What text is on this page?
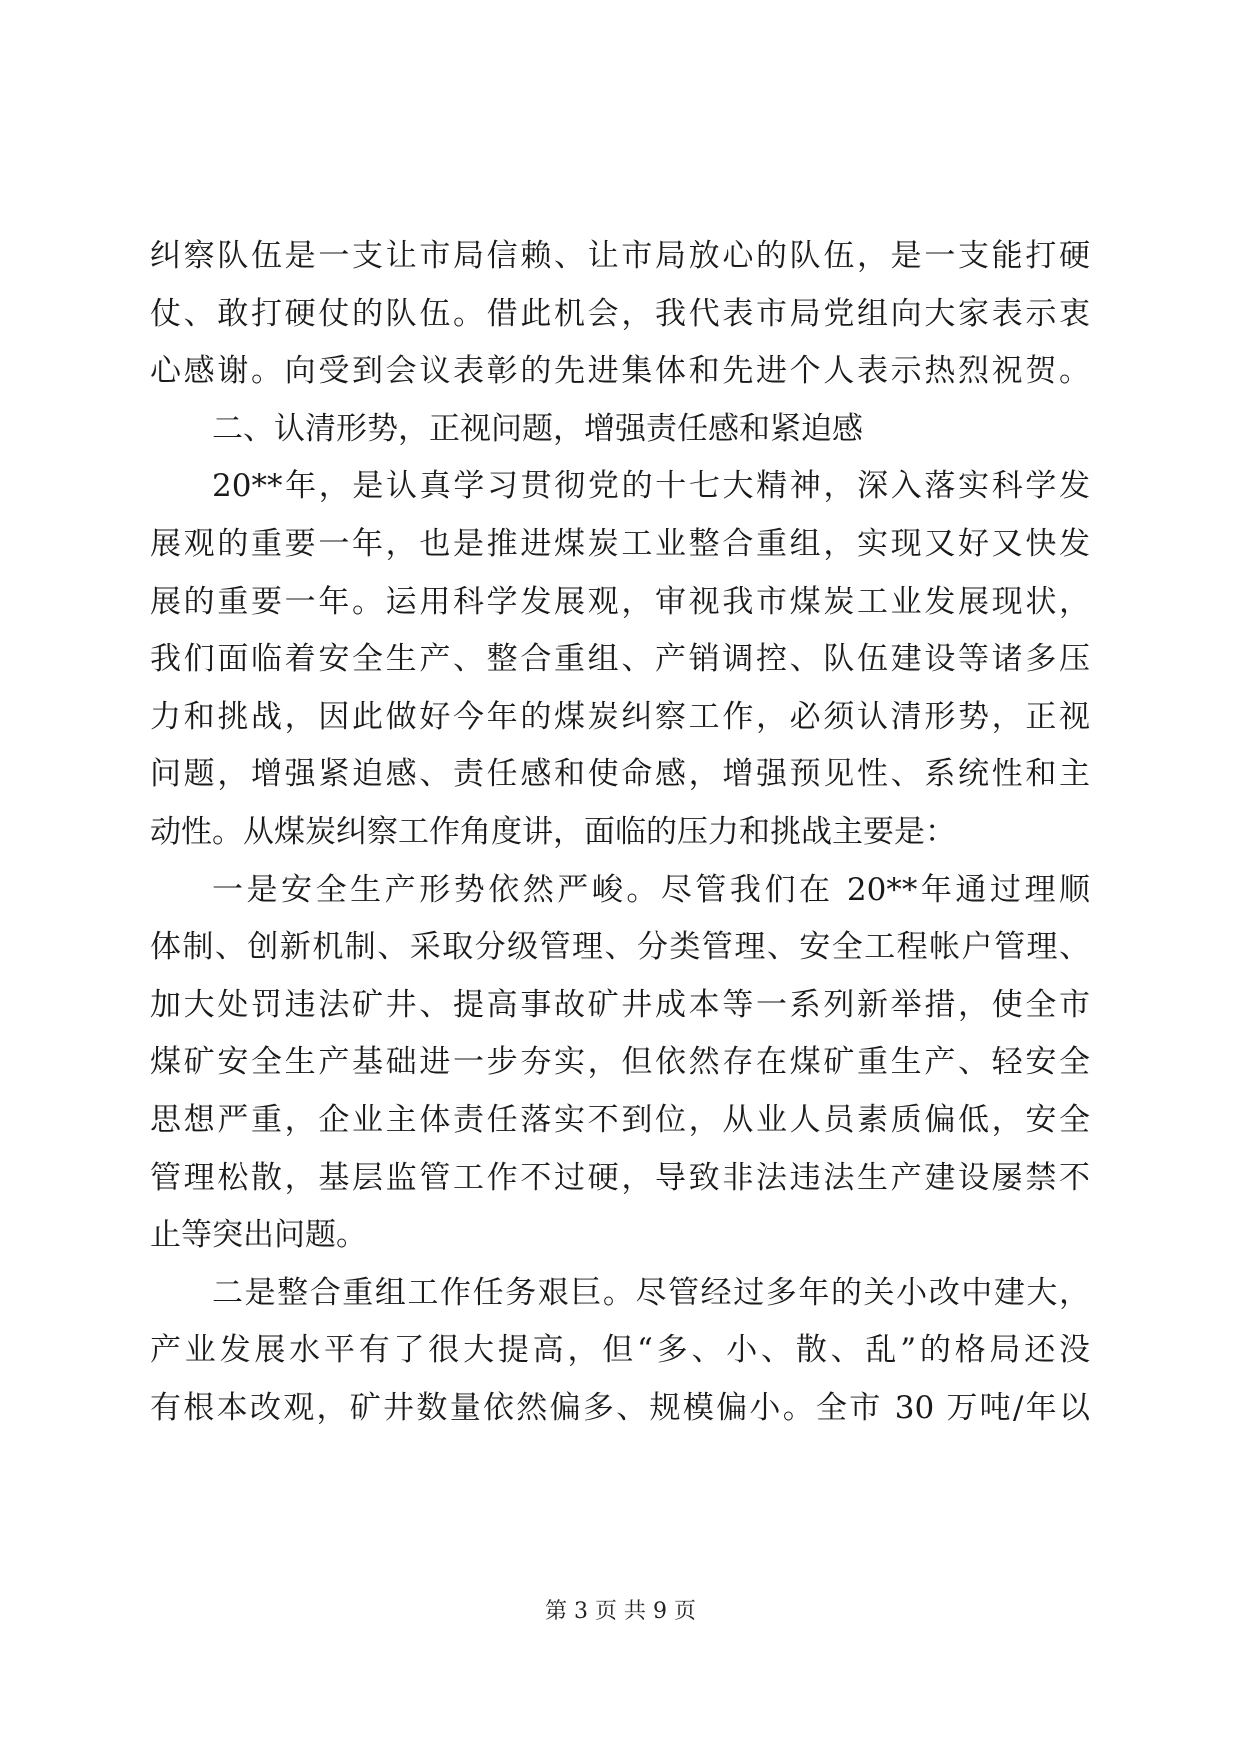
纠察队伍是一支让市局信赖、让市局放心的队伍，是一支能打硬
仗、敢打硬仗的队伍。借此机会，我代表市局党组向大家表示衷
心感谢。向受到会议表彰的先进集体和先进个人表示热烈祝贺。
二、认清形势，正视问题，增强责任感和紧迫感
20**年，是认真学习贯彻党的十七大精神，深入落实科学发
展观的重要一年，也是推进煤炭工业整合重组，实现又好又快发
展的重要一年。运用科学发展观，审视我市煤炭工业发展现状，
我们面临着安全生产、整合重组、产销调控、队伍建设等诸多压
力和挑战，因此做好今年的煤炭纠察工作，必须认清形势，正视
问题，增强紧迫感、责任感和使命感，增强预见性、系统性和主
动性。从煤炭纠察工作角度讲，面临的压力和挑战主要是：
一是安全生产形势依然严峻。尽管我们在 20**年通过理顺
体制、创新机制、采取分级管理、分类管理、安全工程帐户管理、
加大处罚违法矿井、提高事故矿井成本等一系列新举措，使全市
煤矿安全生产基础进一步夯实，但依然存在煤矿重生产、轻安全
思想严重，企业主体责任落实不到位，从业人员素质偏低，安全
管理松散，基层监管工作不过硬，导致非法违法生产建设屡禁不
止等突出问题。
二是整合重组工作任务艰巨。尽管经过多年的关小改中建大，
产业发展水平有了很大提高，但“多、小、散、乱”的格局还没
有根本改观，矿井数量依然偏多、规模偏小。全市 30 万吨/年以
第 3 页 共 9 页
